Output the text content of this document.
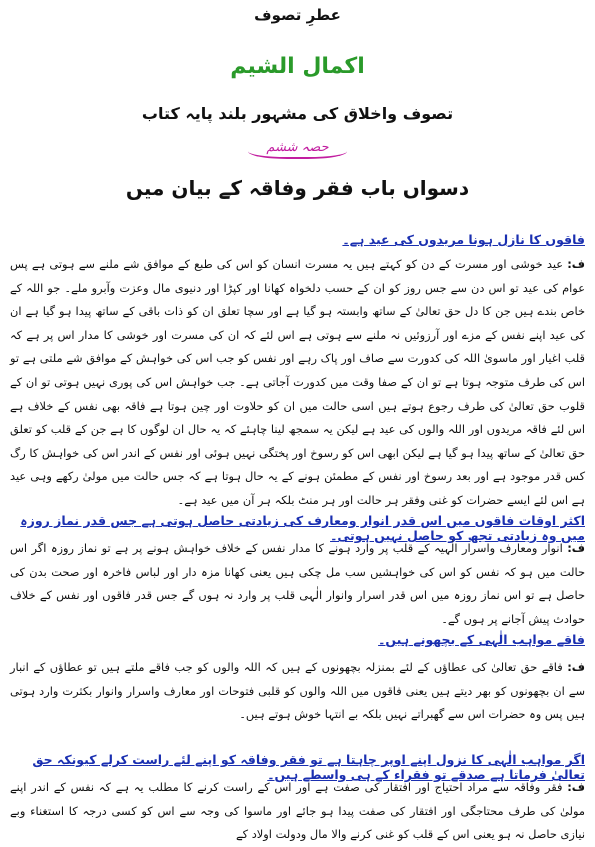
عطرِ تصوف
اکمال الشیم
تصوف واخلاق کی مشہور بلند پایہ کتاب
حصہ ششم
دسواں باب فقر وفاقہ کے بیان میں
فاقوں کا نازل ہونا مریدوں کی عید ہے۔
ف: عید خوشی اور مسرت کے دن کو کہتے ہیں یہ مسرت انسان کو اس کی طبع کے موافق شے ملنے سے ہوتی ہے پس عوام کی عید تو اس دن سے جس روز کو ان کے حسب دلخواہ کھانا اور کپڑا اور دنیوی مال وعزت وآبرو ملے۔ جو اللہ کے خاص بندے ہیں جن کا دل حق تعالیٰ کے ساتھ وابستہ ہو گیا ہے اور سچا تعلق ان کو ذات باقی کے ساتھ پیدا ہو گیا ہے ان کی عید اپنے نفس کے مزے اور آرزوئیں نہ ملنے سے ہوتی ہے اس لئے کہ ان کی مسرت اور خوشی کا مدار اس پر ہے کہ قلب اغیار اور ماسویٰ اللہ کی کدورت سے صاف اور پاک رہے اور نفس کو جب اس کی خواہش کے موافق شے ملتی ہے تو اس کی طرف متوجہ ہوتا ہے تو ان کے صفا وقت میں کدورت آجاتی ہے۔ جب خواہش اس کی پوری نہیں ہوتی تو ان کے قلوب حق تعالیٰ کی طرف رجوع ہوتے ہیں اسی حالت میں ان کو حلاوت اور چین ہوتا ہے فاقہ بھی نفس کے خلاف ہے اس لئے فاقہ مریدوں اور اللہ والوں کی عید ہے لیکن یہ سمجھ لینا چاہئے کہ یہ حال ان لوگوں کا ہے جن کے قلب کو تعلق حق تعالیٰ کے ساتھ پیدا ہو گیا ہے لیکن ابھی اس کو رسوخ اور پختگی نہیں ہوئی اور نفس کے اندر اس کی خواہش کا رگ کس قدر موجود ہے اور بعد رسوخ اور نفس کے مطمئن ہونے کے یہ حال ہوتا ہے کہ جس حالت میں مولیٰ رکھے وہی عید ہے اس لئے ایسے حضرات کو غنی وفقر ہر حالت اور ہر منٹ بلکہ ہر آن میں عید ہے۔
اکثر اوقات فاقوں میں اس قدر انوار ومعارف کی زیادتی حاصل ہوتی ہے جس قدر نماز روزہ میں وہ زیادتی تجھ کو حاصل نہیں ہوتی۔
ف: انوار ومعارف واسرار الٰہیہ کے قلب پر وارد ہونے کا مدار نفس کے خلاف خواہش ہونے پر ہے تو نماز روزہ اگر اس حالت میں ہو کہ نفس کو اس کی خواہشیں سب مل چکی ہیں یعنی کھانا مزہ دار اور لباس فاخرہ اور صحت بدن کی حاصل ہے تو اس نماز روزہ میں اس قدر اسرار وانوار الٰہی قلب پر وارد نہ ہوں گے جس قدر فاقوں اور نفس کے خلاف حوادث پیش آجانے پر ہوں گے۔
فاقے مواہب الٰہی کے بچھونے ہیں۔
ف: فاقے حق تعالیٰ کی عطاؤں کے لئے بمنزلہ بچھونوں کے ہیں کہ اللہ والوں کو جب فاقے ملتے ہیں تو عطاؤں کے انبار سے ان بچھونوں کو بھر دیتے ہیں یعنی فاقوں میں اللہ والوں کو قلبی فتوحات اور معارف واسرار وانوار بکثرت وارد ہوتی ہیں پس وہ حضرات اس سے گھبراتے نہیں بلکہ بے انتہا خوش ہوتے ہیں۔
اگر مواہب الٰہی کا نزول اپنے اوپر چاہتا ہے تو فقر وفاقہ کو اپنے لئے راست کرلے کیونکہ حق تعالیٰ فرماتا ہے صدقے تو فقراء کے ہی واسطے ہیں۔
ف: فقر وفاقہ سے مراد احتیاج اور افتقار کی صفت ہے اور اس کے راست کرنے کا مطلب یہ ہے کہ نفس کے اندر اپنے مولیٰ کی طرف محتاجگی اور افتقار کی صفت پیدا ہو جائے اور ماسوا کی وجہ سے اس کو کسی درجہ کا استغناء وبے نیازی حاصل نہ ہو یعنی اس کے قلب کو غنی کرنے والا مال ودولت اولاد کے
